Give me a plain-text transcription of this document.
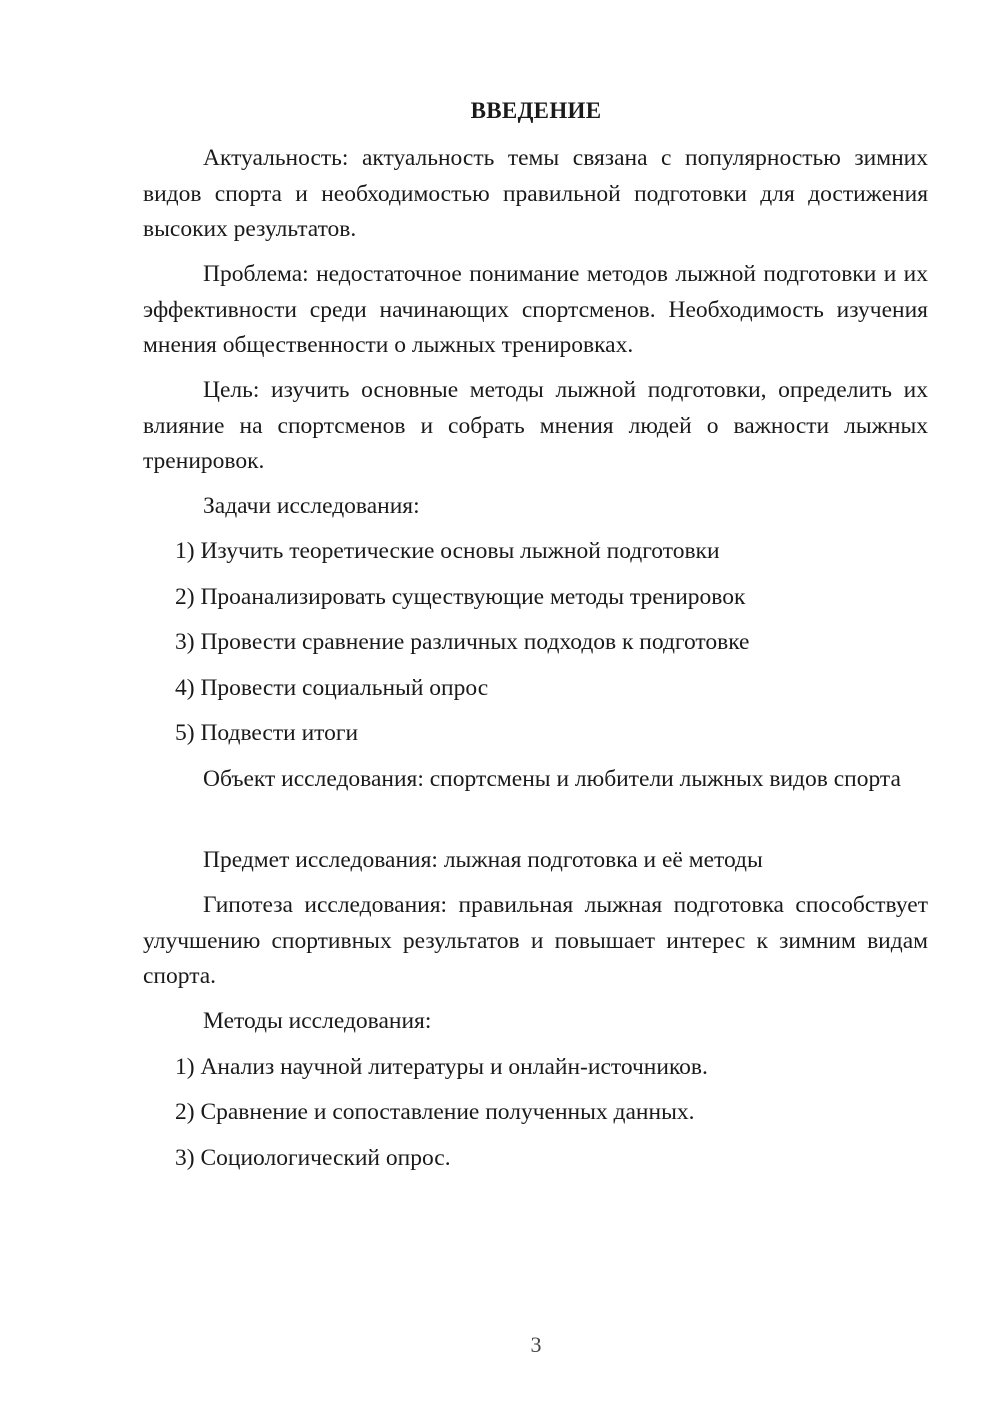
ВВЕДЕНИЕ

Актуальность: актуальность темы связана с популярностью зимних видов спорта и необходимостью правильной подготовки для достижения высоких результатов.

Проблема: недостаточное понимание методов лыжной подготовки и их эффективности среди начинающих спортсменов. Необходимость изучения мнения общественности о лыжных тренировках.

Цель: изучить основные методы лыжной подготовки, определить их влияние на спортсменов и собрать мнения людей о важности лыжных тренировок.

Задачи исследования:

1) Изучить теоретические основы лыжной подготовки

2) Проанализировать существующие методы тренировок

3) Провести сравнение различных подходов к подготовке

4) Провести социальный опрос

5) Подвести итоги

Объект исследования: спортсмены и любители лыжных видов спорта

Предмет исследования: лыжная подготовка и её методы

Гипотеза исследования: правильная лыжная подготовка способствует улучшению спортивных результатов и повышает интерес к зимним видам спорта.

Методы исследования:

1) Анализ научной литературы и онлайн-источников.

2) Сравнение и сопоставление полученных данных.

3) Социологический опрос.

3
